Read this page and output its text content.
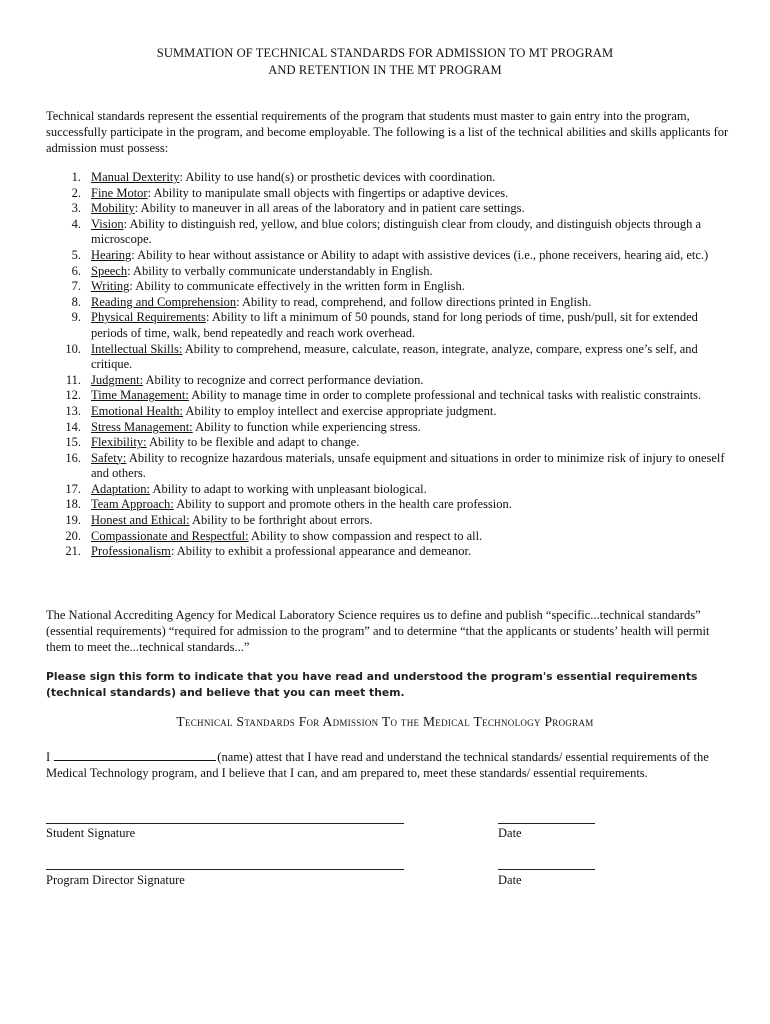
SUMMATION OF TECHNICAL STANDARDS FOR ADMISSION TO MT PROGRAM
AND RETENTION IN THE MT PROGRAM
Technical standards represent the essential requirements of the program that students must master to gain entry into the program, successfully participate in the program, and become employable. The following is a list of the technical abilities and skills applicants for admission must possess:
1. Manual Dexterity: Ability to use hand(s) or prosthetic devices with coordination.
2. Fine Motor: Ability to manipulate small objects with fingertips or adaptive devices.
3. Mobility: Ability to maneuver in all areas of the laboratory and in patient care settings.
4. Vision: Ability to distinguish red, yellow, and blue colors; distinguish clear from cloudy, and distinguish objects through a microscope.
5. Hearing: Ability to hear without assistance or Ability to adapt with assistive devices (i.e., phone receivers, hearing aid, etc.)
6. Speech: Ability to verbally communicate understandably in English.
7. Writing: Ability to communicate effectively in the written form in English.
8. Reading and Comprehension: Ability to read, comprehend, and follow directions printed in English.
9. Physical Requirements: Ability to lift a minimum of 50 pounds, stand for long periods of time, push/pull, sit for extended periods of time, walk, bend repeatedly and reach work overhead.
10. Intellectual Skills: Ability to comprehend, measure, calculate, reason, integrate, analyze, compare, express one’s self, and critique.
11. Judgment: Ability to recognize and correct performance deviation.
12. Time Management: Ability to manage time in order to complete professional and technical tasks with realistic constraints.
13. Emotional Health: Ability to employ intellect and exercise appropriate judgment.
14. Stress Management: Ability to function while experiencing stress.
15. Flexibility: Ability to be flexible and adapt to change.
16. Safety: Ability to recognize hazardous materials, unsafe equipment and situations in order to minimize risk of injury to oneself and others.
17. Adaptation: Ability to adapt to working with unpleasant biological.
18. Team Approach: Ability to support and promote others in the health care profession.
19. Honest and Ethical: Ability to be forthright about errors.
20. Compassionate and Respectful: Ability to show compassion and respect to all.
21. Professionalism: Ability to exhibit a professional appearance and demeanor.
The National Accrediting Agency for Medical Laboratory Science requires us to define and publish “specific...technical standards” (essential requirements) “required for admission to the program” and to determine “that the applicants or students’ health will permit them to meet the...technical standards...”
Please sign this form to indicate that you have read and understood the program's essential requirements (technical standards) and believe that you can meet them.
Technical Standards For Admission To the Medical Technology Program
I	(name) attest that I have read and understand the technical standards/ essential requirements of the Medical Technology program, and I believe that I can, and am prepared to, meet these standards/ essential requirements.
Student Signature	Date
Program Director Signature	Date
